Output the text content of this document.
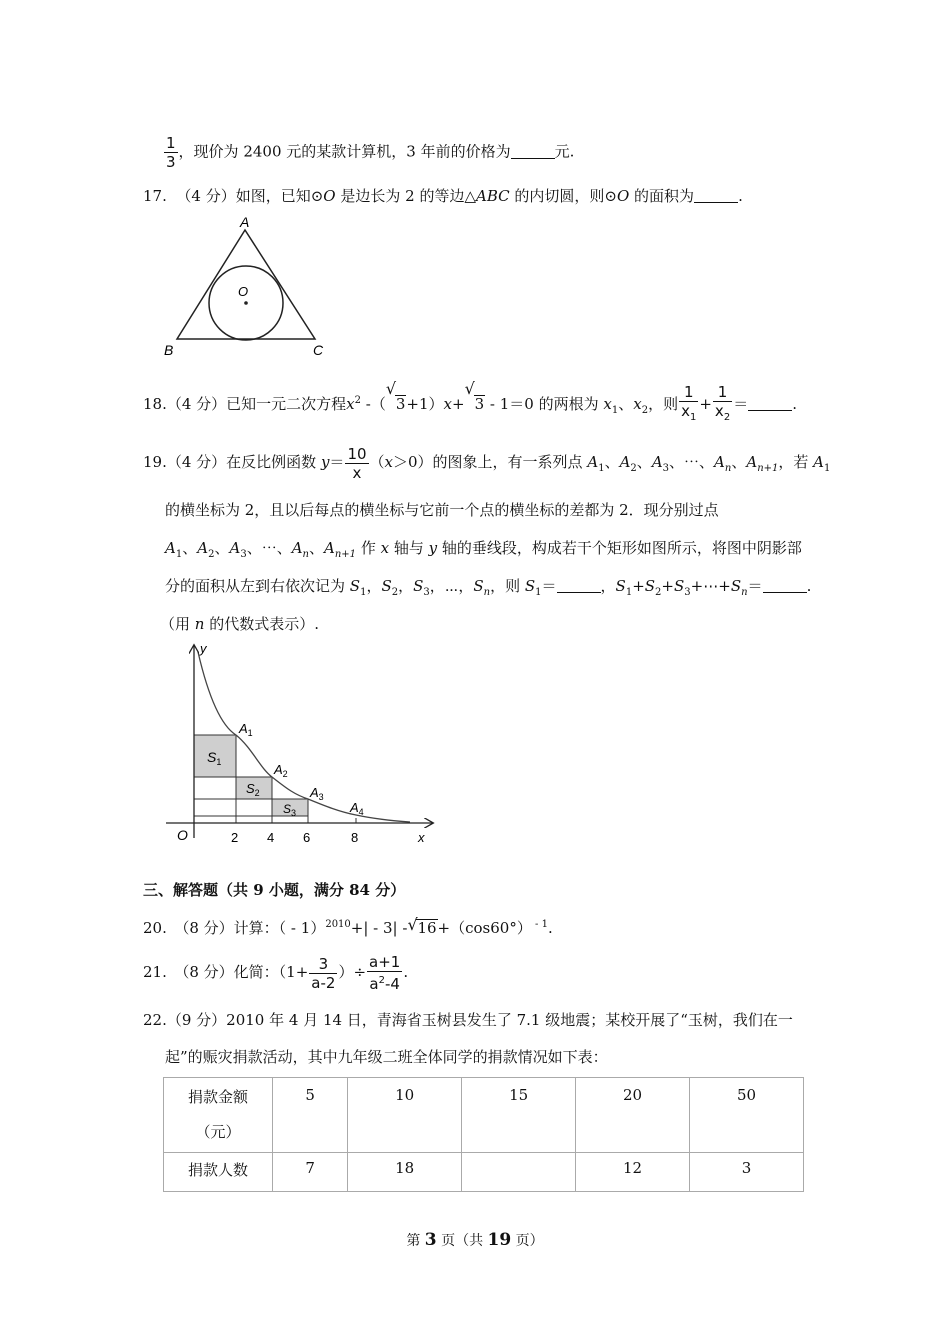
$\frac{1}{3}$ ，现价为 2400 元的某款计算机，3 年前的价格为	元.
17. （4 分）如图，已知⊙O 是边长为 2 的等边△ABC 的内切圆，则⊙O 的面积为	.
A
B	C
O
18.（4 分）已知一元二次方程$x^2$ -（
√
3+1）x+
√
3 - 1＝0 的两根为 $x_1$、$x_2$，则 $\frac{1}{x_1} + \frac{1}{x_2}$ ＝	.
19.（4 分）在反比例函数 $y= \frac{10}{x} (x>0)$的图象上，有一系列点 $A_1$、$A_2$、$A_3$、⋯、$A_n$、$A_{n+1}$，若 $A_1$
的横坐标为 2，且以后每点的横坐标与它前一个点的横坐标的差都为 2．现分别过点
$A_1$、$A_2$、$A_3$、⋯、$A_n$、$A_{n+1}$ 作 x 轴与 y 轴的垂线段，构成若干个矩形如图所示，将图中阴影部
分的面积从左到右依次记为 $S_1$，$S_2$，$S_3$，⋯，$S_n$，则 $S_1=$	，$S_1+S_2+S_3+\cdots+S_n=$	.
（用 n 的代数式表示）.
y
x
O	2 4 6	8
$A_1$
$A_2$
$A_3$
$A_4$
$S_1$
$S_2$
$S_3$
三、解答题（共 9 小题，满分 84 分）
20.　（8 分）计算：（ - 1）$^{2010}$+| - 3| - √ 16+（cos60°） $^{- 1}$.
21.　（8 分）化简：（$1+ \frac{3}{a-2}$ ）÷ $\frac{a+1}{a^2-4}$ .
22.（9 分）2010 年 4 月 14 日，青海省玉树县发生了 7.1 级地震；某校开展了“玉树，我们在一
起”的赈灾捐款活动，其中九年级二班全体同学的捐款情况如下表：
捐款金额
（元）	5	10	15	20	50
捐款人数	7	18		12	3
第 3 页（共 19 页）
